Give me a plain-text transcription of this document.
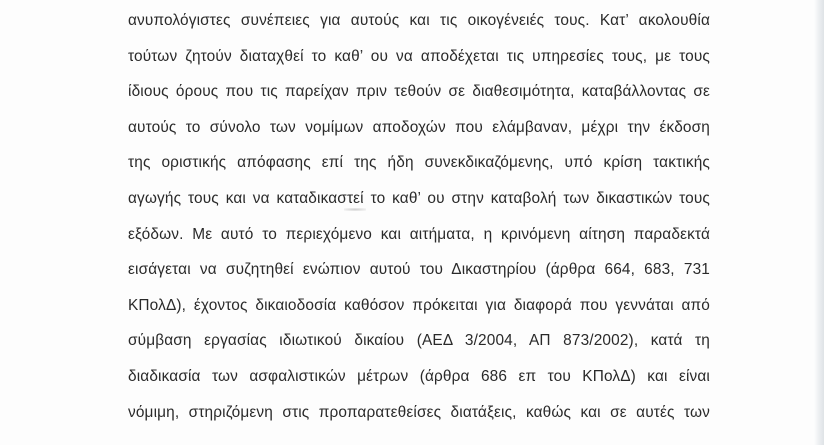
ανυπολόγιστες συνέπειες για αυτούς και τις οικογένειές τους. Κατ’ ακολουθία
τούτων ζητούν διαταχθεί το καθ’ ου να αποδέχεται τις υπηρεσίες τους, με τους
ίδιους όρους που τις παρείχαν πριν τεθούν σε διαθεσιμότητα, καταβάλλοντας σε
αυτούς το σύνολο των νομίμων αποδοχών που ελάμβαναν, μέχρι την έκδοση
της οριστικής απόφασης επί της ήδη συνεκδικαζόμενης, υπό κρίση τακτικής
αγωγής τους και να καταδικαστεί το καθ’ ου στην καταβολή των δικαστικών τους
εξόδων. Με αυτό το περιεχόμενο και αιτήματα, η κρινόμενη αίτηση παραδεκτά
εισάγεται να συζητηθεί ενώπιον αυτού του Δικαστηρίου (άρθρα 664, 683, 731
ΚΠολΔ), έχοντος δικαιοδοσία καθόσον πρόκειται για διαφορά που γεννάται από
σύμβαση εργασίας ιδιωτικού δικαίου (ΑΕΔ 3/2004, ΑΠ 873/2002), κατά τη
διαδικασία των ασφαλιστικών μέτρων (άρθρα 686 επ του ΚΠολΔ) και είναι
νόμιμη, στηριζόμενη στις προπαρατεθείσες διατάξεις, καθώς και σε αυτές των
